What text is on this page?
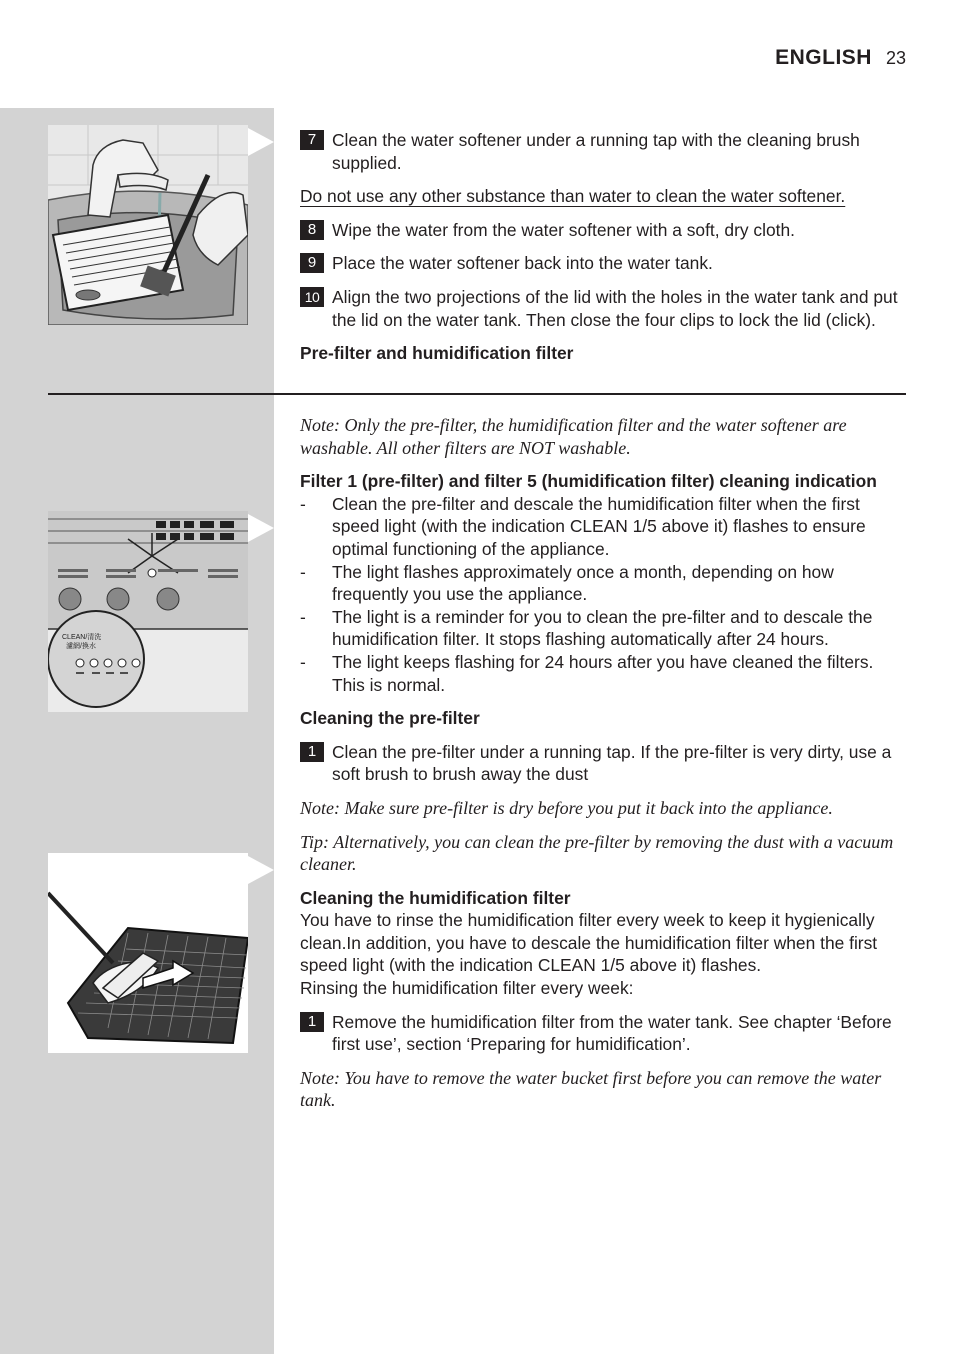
ENGLISH 23
CLEAN/清洗
濾網/換水
7 Clean the water softener under a running tap with the cleaning brush supplied.
Do not use any other substance than water to clean the water softener.
8 Wipe the water from the water softener with a soft, dry cloth.
9 Place the water softener back into the water tank.
10 Align the two projections of the lid with the holes in the water tank and put the lid on the water tank. Then close the four clips to lock the lid (click).
Pre-filter and humidification filter
Note: Only the pre-filter, the humidification filter and the water softener are washable. All other filters are NOT washable.
Filter 1 (pre-filter) and filter 5 (humidification filter) cleaning indication
-	Clean the pre-filter and descale the humidification filter when the first speed light (with the indication CLEAN 1/5 above it) flashes to ensure optimal functioning of the appliance.
-	The light flashes approximately once a month, depending on how frequently you use the appliance.
-	The light is a reminder for you to clean the pre-filter and to descale the humidification filter. It stops flashing automatically after 24 hours.
-	The light keeps flashing for 24 hours after you have cleaned the filters. This is normal.
Cleaning the pre-filter
1 Clean the pre-filter under a running tap. If the pre-filter is very dirty, use a soft brush to brush away the dust
Note: Make sure pre-filter is dry before you put it back into the appliance.
Tip: Alternatively, you can clean the pre-filter by removing the dust with a vacuum cleaner.
Cleaning the humidification filter
You have to rinse the humidification filter every week to keep it hygienically clean.In addition, you have to descale the humidification filter when the first speed light (with the indication CLEAN 1/5 above it) flashes.
Rinsing the humidification filter every week:
1 Remove the humidification filter from the water tank. See chapter ‘Before first use’, section ‘Preparing for humidification’.
Note: You have to remove the water bucket first before you can remove the water tank.
